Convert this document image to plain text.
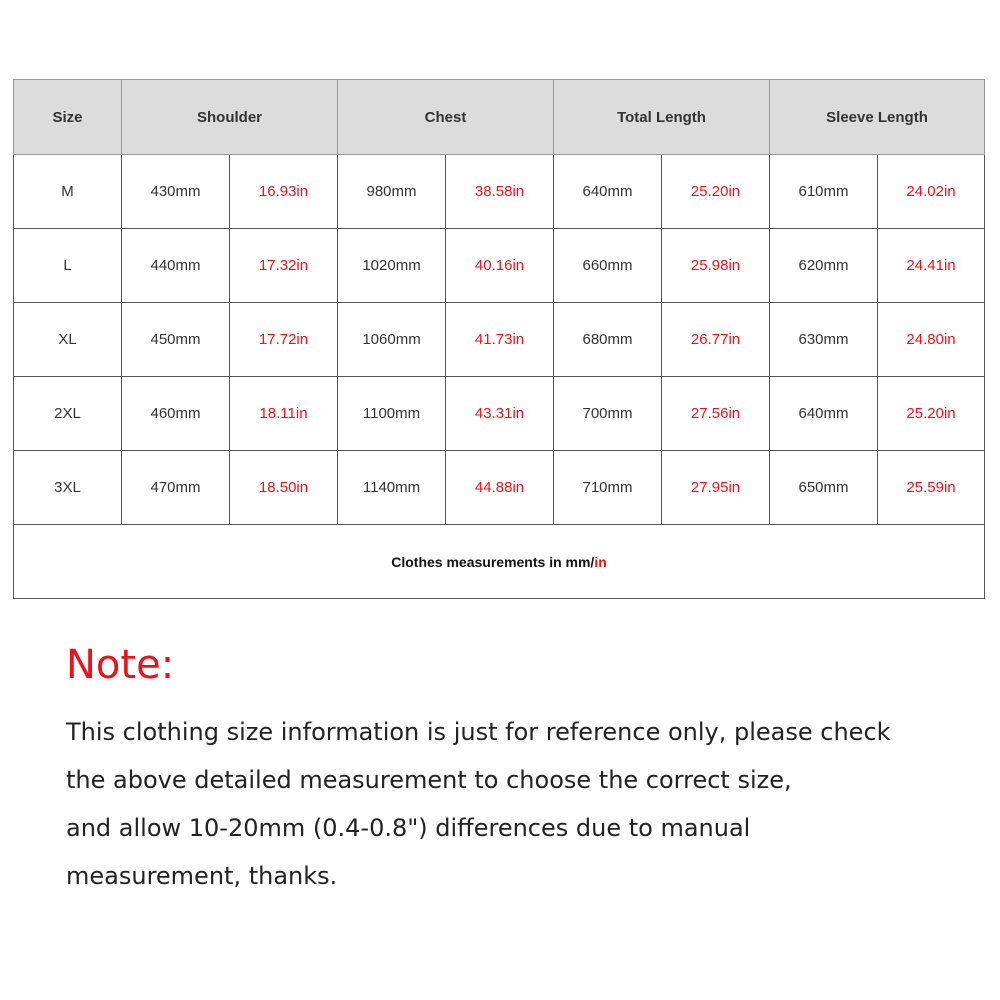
Size	Shoulder		Chest		Total Length		Sleeve Length	
M	430mm	16.93in	980mm	38.58in	640mm	25.20in	610mm	24.02in
L	440mm	17.32in	1020mm	40.16in	660mm	25.98in	620mm	24.41in
XL	450mm	17.72in	1060mm	41.73in	680mm	26.77in	630mm	24.80in
2XL	460mm	18.11in	1100mm	43.31in	700mm	27.56in	640mm	25.20in
3XL	470mm	18.50in	1140mm	44.88in	710mm	27.95in	650mm	25.59in
Clothes measurements in mm/in								
Note:
This clothing size information is just for reference only, please check
the above detailed measurement to choose the correct size,
and allow 10-20mm (0.4-0.8") differences due to manual
measurement, thanks.
